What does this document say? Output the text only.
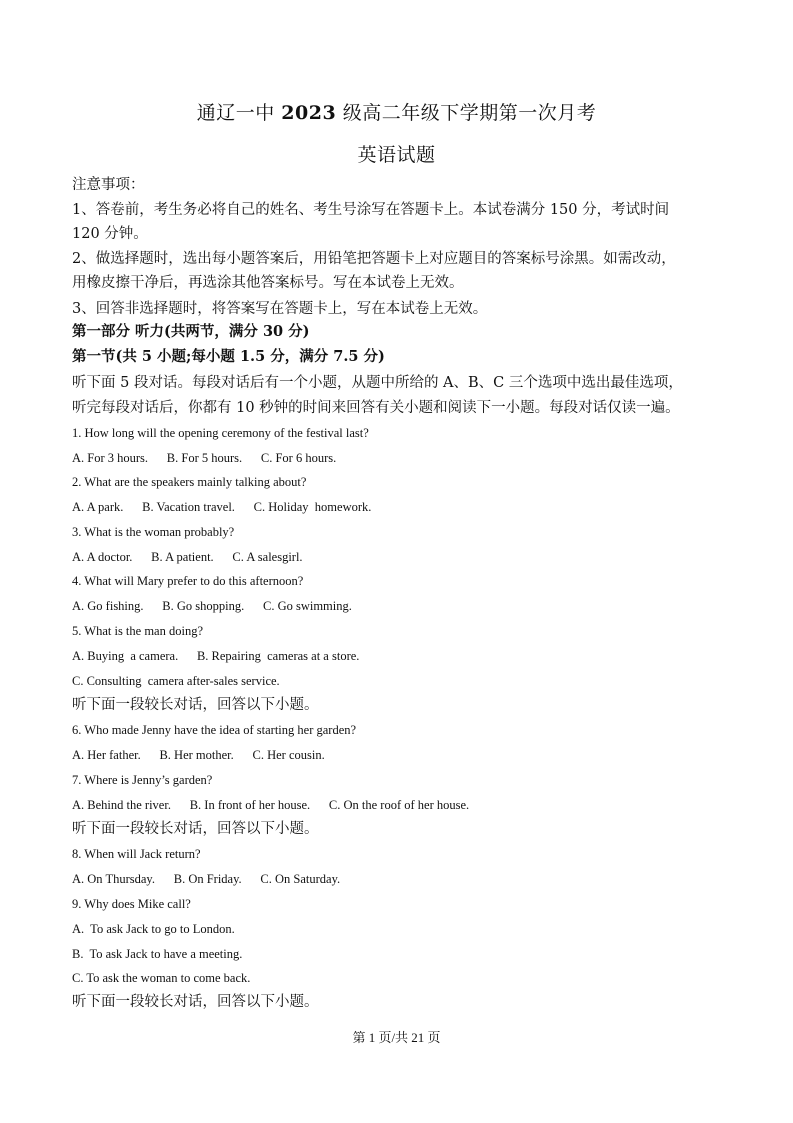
通辽一中 2023 级高二年级下学期第一次月考
英语试题
注意事项：
1、答卷前，考生务必将自己的姓名、考生号涂写在答题卡上。本试卷满分 150 分，考试时间
120 分钟。
2、做选择题时，选出每小题答案后，用铅笔把答题卡上对应题目的答案标号涂黑。如需改动，
用橡皮擦干净后，再选涂其他答案标号。写在本试卷上无效。
3、回答非选择题时，将答案写在答题卡上，写在本试卷上无效。
第一部分 听力(共两节，满分 30 分)
第一节(共 5 小题;每小题 1.5 分，满分 7.5 分)
听下面 5 段对话。每段对话后有一个小题，从题中所给的 A、B、C 三个选项中选出最佳选项，
听完每段对话后，你都有 10 秒钟的时间来回答有关小题和阅读下一小题。每段对话仅读一遍。
1. How long will the opening ceremony of the festival last?
A. For 3 hours.      B. For 5 hours.      C. For 6 hours.
2. What are the speakers mainly talking about?
A. A park.      B. Vacation travel.      C. Holiday  homework.
3. What is the woman probably?
A. A doctor.      B. A patient.      C. A salesgirl.
4. What will Mary prefer to do this afternoon?
A. Go fishing.      B. Go shopping.      C. Go swimming.
5. What is the man doing?
A. Buying  a camera.      B. Repairing  cameras at a store.
C. Consulting  camera after-sales service.
听下面一段较长对话，回答以下小题。
6. Who made Jenny have the idea of starting her garden?
A. Her father.      B. Her mother.      C. Her cousin.
7. Where is Jenny’s garden?
A. Behind the river.      B. In front of her house.      C. On the roof of her house.
听下面一段较长对话，回答以下小题。
8. When will Jack return?
A. On Thursday.      B. On Friday.      C. On Saturday.
9. Why does Mike call?
A.  To ask Jack to go to London.
B.  To ask Jack to have a meeting.
C. To ask the woman to come back.
听下面一段较长对话，回答以下小题。
第 1 页/共 21 页
